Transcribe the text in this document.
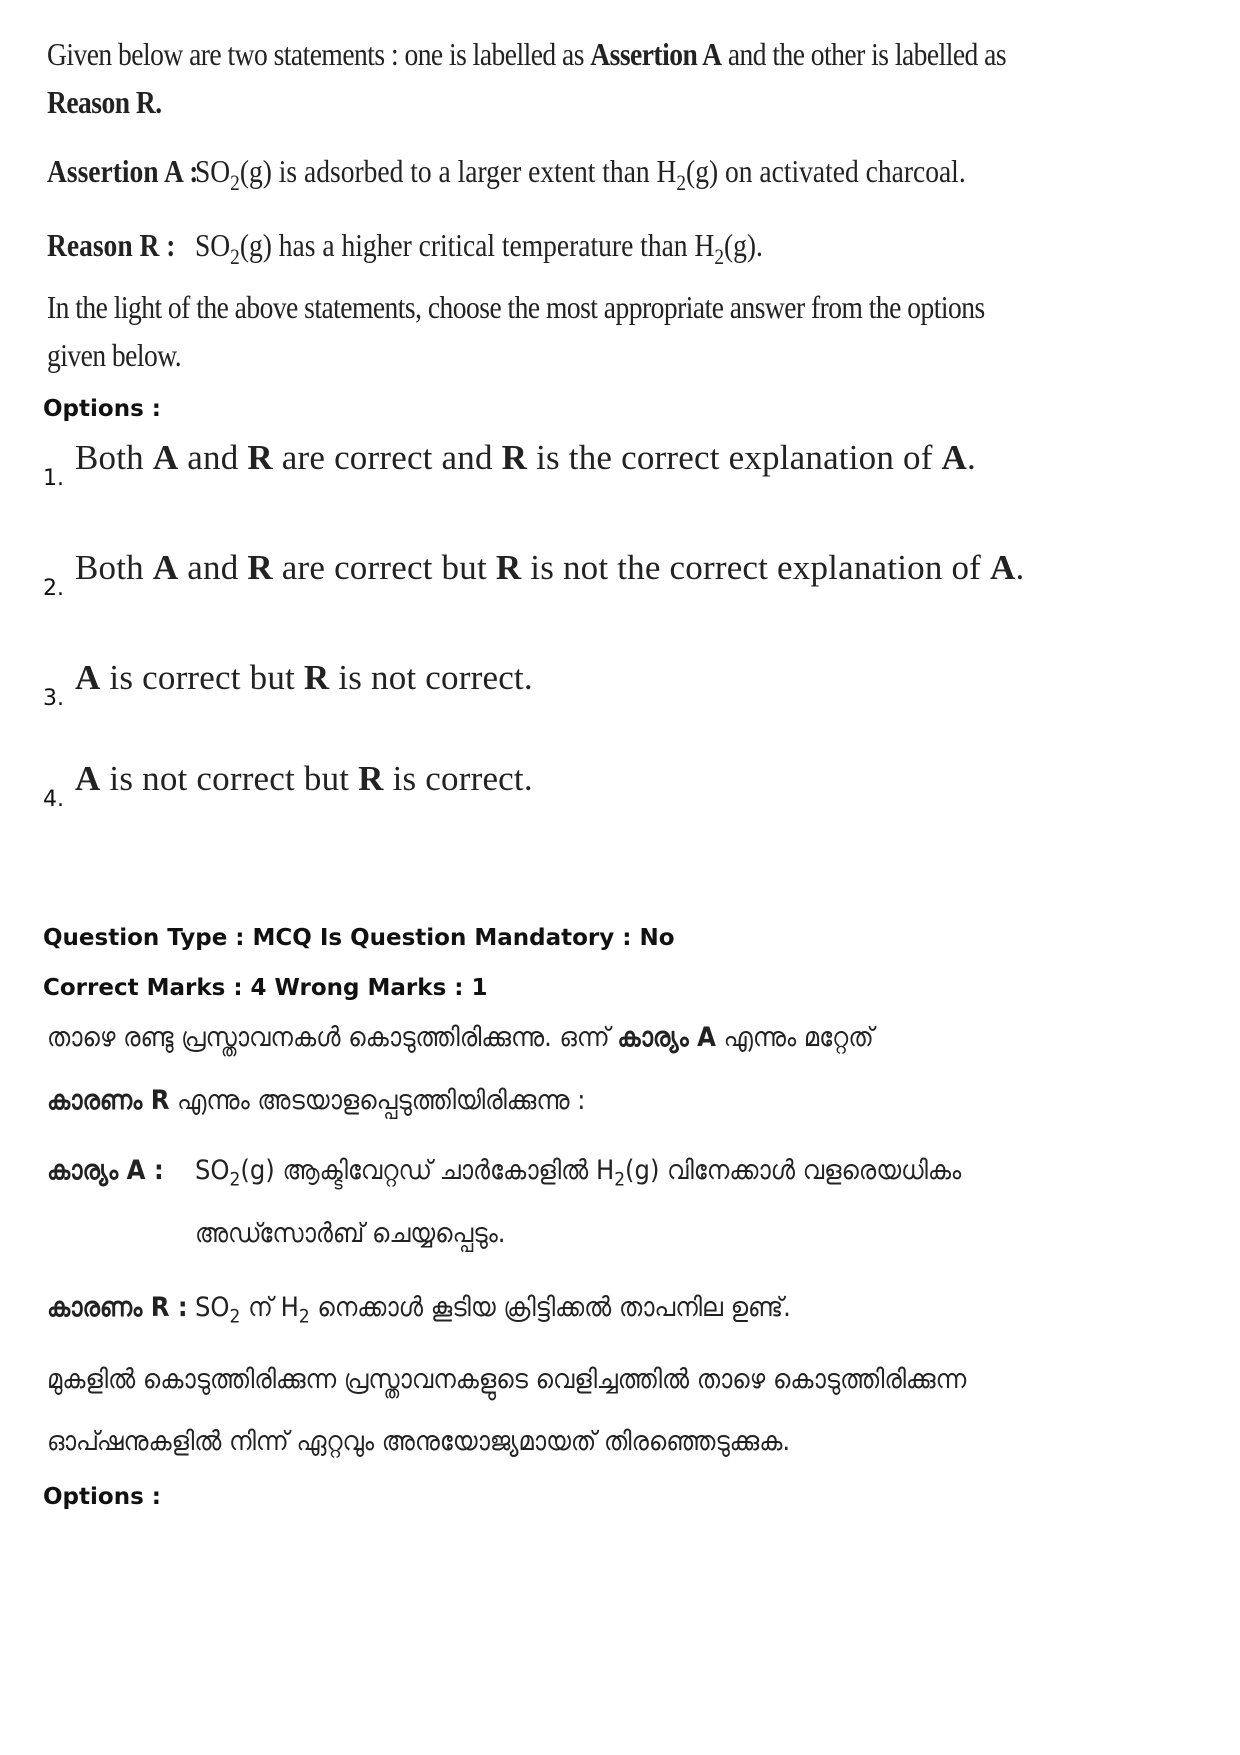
Given below are two statements : one is labelled as Assertion A and the other is labelled as
Reason R.
Assertion A :
$SO_2(g)$ is adsorbed to a larger extent than $H_2(g)$ on activated charcoal.
Reason R : $SO_2(g)$ has a higher critical temperature than $H_2(g)$.
In the light of the above statements, choose the most appropriate answer from the options
given below.
Options :
1.
Both A and R are correct and R is the correct explanation of A.
2.
Both A and R are correct but R is not the correct explanation of A.
3.
A is correct but R is not correct.
4.
A is not correct but R is correct.
Question Type : MCQ Is Question Mandatory : No
Correct Marks : 4 Wrong Marks : 1
താഴെ രണ്ടു പ്രസ്താവനകൾ കൊടുത്തിരിക്കുന്നു. ഒന്ന് കാര്യം A എന്നും മറ്റേത്
കാരണം R എന്നും അടയാളപ്പെടുത്തിയിരിക്കുന്നു :
കാര്യം A : $SO_2(g)$ ആക്ടിവേറ്റഡ് ചാർകോളിൽ $H_2(g)$ വിനേക്കാൾ വളരെയധികം
അഡ്സോർബ് ചെയ്യപ്പെടും.
കാരണം R : $SO_2$ ന് $H_2$ നെക്കാൾ കൂടിയ ക്രിട്ടിക്കൽ താപനില ഉണ്ട്.
മുകളിൽ കൊടുത്തിരിക്കുന്ന പ്രസ്താവനകളുടെ വെളിച്ചത്തിൽ താഴെ കൊടുത്തിരിക്കുന്ന
ഓപ്ഷനുകളിൽ നിന്ന് ഏറ്റവും അനുയോജ്യമായത് തിരഞ്ഞെടുക്കുക.
Options :
